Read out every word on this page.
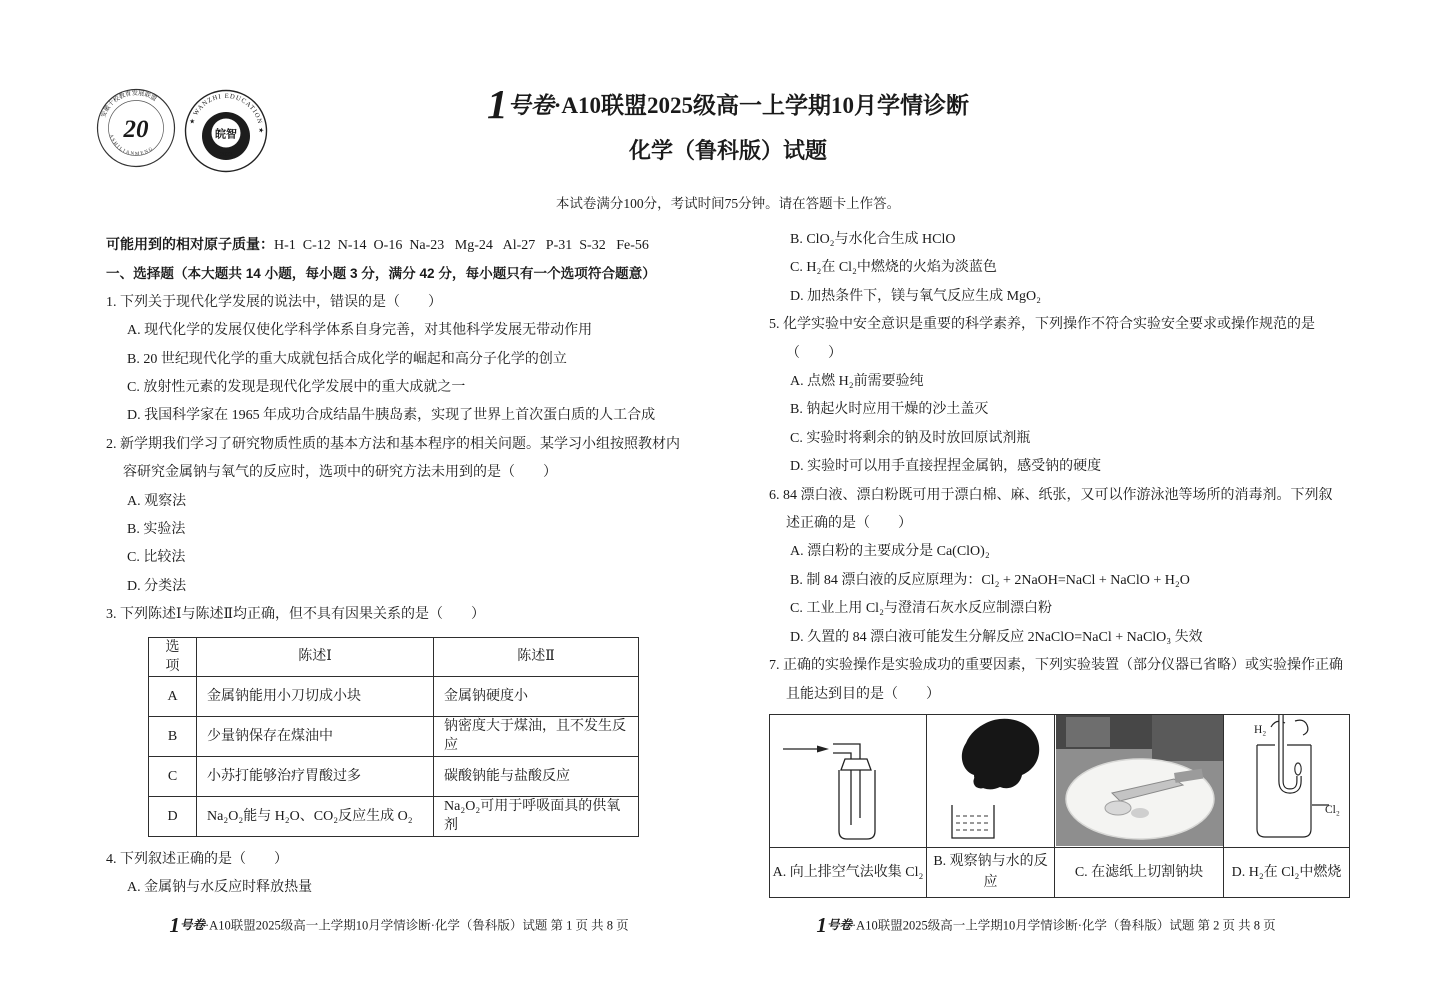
安徽十校教育发展联盟
ASHILIANMENG
20	★ WANZHI EDUCATION ★
皖智
2023
1号卷·A10联盟2025级高一上学期10月学情诊断
化学（鲁科版）试题
本试卷满分100分，考试时间75分钟。请在答题卡上作答。
可能用到的相对原子质量：H-1  C-12  N-14  O-16  Na-23   Mg-24   Al-27   P-31  S-32   Fe-56
一、选择题（本大题共 14 小题，每小题 3 分，满分 42 分，每小题只有一个选项符合题意）
1. 下列关于现代化学发展的说法中，错误的是（　　）
A. 现代化学的发展仅使化学科学体系自身完善，对其他科学发展无带动作用
B. 20 世纪现代化学的重大成就包括合成化学的崛起和高分子化学的创立
C. 放射性元素的发现是现代化学发展中的重大成就之一
D. 我国科学家在 1965 年成功合成结晶牛胰岛素，实现了世界上首次蛋白质的人工合成
2. 新学期我们学习了研究物质性质的基本方法和基本程序的相关问题。某学习小组按照教材内
容研究金属钠与氧气的反应时，选项中的研究方法未用到的是（　　）
A. 观察法
B. 实验法
C. 比较法
D. 分类法
3. 下列陈述Ⅰ与陈述Ⅱ均正确，但不具有因果关系的是（　　）
选项	陈述Ⅰ	陈述Ⅱ
A	金属钠能用小刀切成小块	金属钠硬度小
B	少量钠保存在煤油中	钠密度大于煤油，且不发生反应
C	小苏打能够治疗胃酸过多	碳酸钠能与盐酸反应
D	Na₂O₂能与 H₂O、CO₂反应生成 O₂	Na₂O₂可用于呼吸面具的供氧剂
4. 下列叙述正确的是（　　）
A. 金属钠与水反应时释放热量
B. ClO₂与水化合生成 HClO
C. H₂在 Cl₂中燃烧的火焰为淡蓝色
D. 加热条件下，镁与氧气反应生成 MgO₂
5. 化学实验中安全意识是重要的科学素养，下列操作不符合实验安全要求或操作规范的是
（　　）
A. 点燃 H₂前需要验纯
B. 钠起火时应用干燥的沙土盖灭
C. 实验时将剩余的钠及时放回原试剂瓶
D. 实验时可以用手直接捏捏金属钠，感受钠的硬度
6. 84 漂白液、漂白粉既可用于漂白棉、麻、纸张，又可以作游泳池等场所的消毒剂。下列叙
述正确的是（　　）
A. 漂白粉的主要成分是 Ca(ClO)₂
B. 制 84 漂白液的反应原理为：Cl₂ + 2NaOH=NaCl + NaClO + H₂O
C. 工业上用 Cl₂与澄清石灰水反应制漂白粉
D. 久置的 84 漂白液可能发生分解反应 2NaClO=NaCl + NaClO₃ 失效
7. 正确的实验操作是实验成功的重要因素，下列实验装置（部分仪器已省略）或实验操作正确
且能达到目的是（　　）

H₂
Cl₂

A. 向上排空气法收集 Cl₂	B. 观察钠与水的反应	C. 在滤纸上切割钠块	D. H₂在 Cl₂中燃烧
1号卷·A10联盟2025级高一上学期10月学情诊断·化学（鲁科版）试题 第 1 页 共 8 页	1号卷·A10联盟2025级高一上学期10月学情诊断·化学（鲁科版）试题 第 2 页 共 8 页
